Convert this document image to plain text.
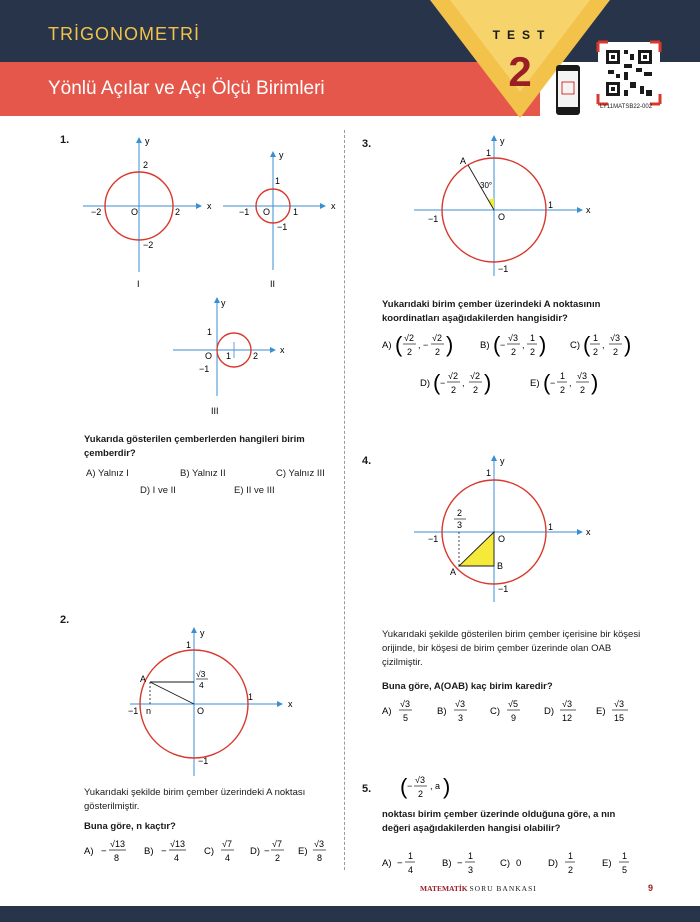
TRİGONOMETRİ
Yönlü Açılar ve Açı Ölçü Birimleri
TEST
2
LY11MATSB22-002
1.
x
y
O
2
−2	2
−2
I
x
y
O
1
−1	1
−1
II
x
y
O
1
−1
1 2
III
Yukarıda gösterilen çemberlerden hangileri birim çemberdir?
A) Yalnız I	B) Yalnız II	C) Yalnız III
D) I ve II	E) II ve III
2.
x
y
1
1
−1
−1
O
A
n
√3
4
Yukarıdaki şekilde birim çember üzerindeki A noktası gösterilmiştir.
Buna göre, n kaçtır?
A) −
√13
8
B) −
√13
4
C)
√7
4
D) −
√7
2
E)
√3
8
3.
x
y
1
1
−1
−1
O
A
30°
Yukarıdaki birim çember üzerindeki A noktasının koordinatları aşağıdakilerden hangisidir?
A) ( √2
2
, −
√2
2 )	B) ( −
√3
2
,
1
2 ) C) ( 1
2
,
√3
2 )
D) ( −
√2
2
,
√2
2 )	E) ( −
1
2
,
√3
2 )
4.
x
y
1
1
−1
−1
O
A
B
2
3
Yukarıdaki şekilde gösterilen birim çember içerisine bir köşesi orijinde, bir köşesi de birim çember üzerinde olan OAB çizilmiştir.
Buna göre, A(OAB) kaç birim karedir?
A)
√3
5
B)
√3
3
C)
√5
9
D)
√3
12
E)
√3
15
5. ( −
√3
2
, a )
noktası birim çember üzerinde olduğuna göre, a nın değeri aşağıdakilerden hangisi olabilir?
A) −
1
4
B) −
1
3
C) 0	D)
1
2
E)
1
5
MATEMATİK SORU BANKASI	9
